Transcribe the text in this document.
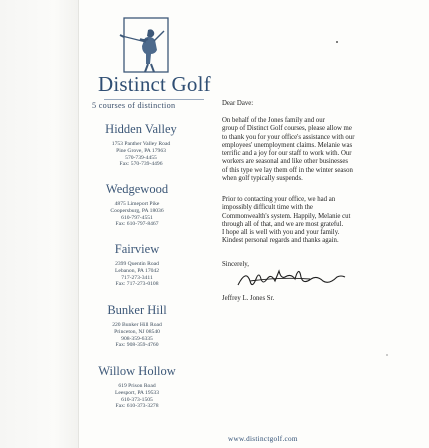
Distinct Golf
5 courses of distinction
Hidden Valley
1753 Panther Valley Road
Pine Grove, PA 17963
570-739-4455
Fax: 570-739-4496
Wedgewood
4875 Limeport Pike
Coopersburg, PA 18036
610-797-4551
Fax: 610-797-8467
Fairview
2399 Quentin Road
Lebanon, PA 17042
717-273-3411
Fax: 717-273-0108
Bunker Hill
220 Bunker Hill Road
Princeton, NJ 08540
908-359-6335
Fax: 908-359-4760
Willow Hollow
619 Prison Road
Leesport, PA 19533
610-373-1505
Fax: 610-373-3278
Dear Dave:
On behalf of the Jones family and our
group of Distinct Golf courses, please allow me
to thank you for your office's assistance with our
employees' unemployment claims. Melanie was
terrific and a joy for our staff to work with. Our
workers are seasonal and like other businesses
of this type we lay them off in the winter season
when golf typically suspends.
Prior to contacting your office, we had an
impossibly difficult time with the
Commonwealth's system. Happily, Melanie cut
through all of that, and we are most grateful.
I hope all is well with you and your family.
Kindest personal regards and thanks again.
Sincerely,
Jeffrey L. Jones Sr.
www.distinctgolf.com
